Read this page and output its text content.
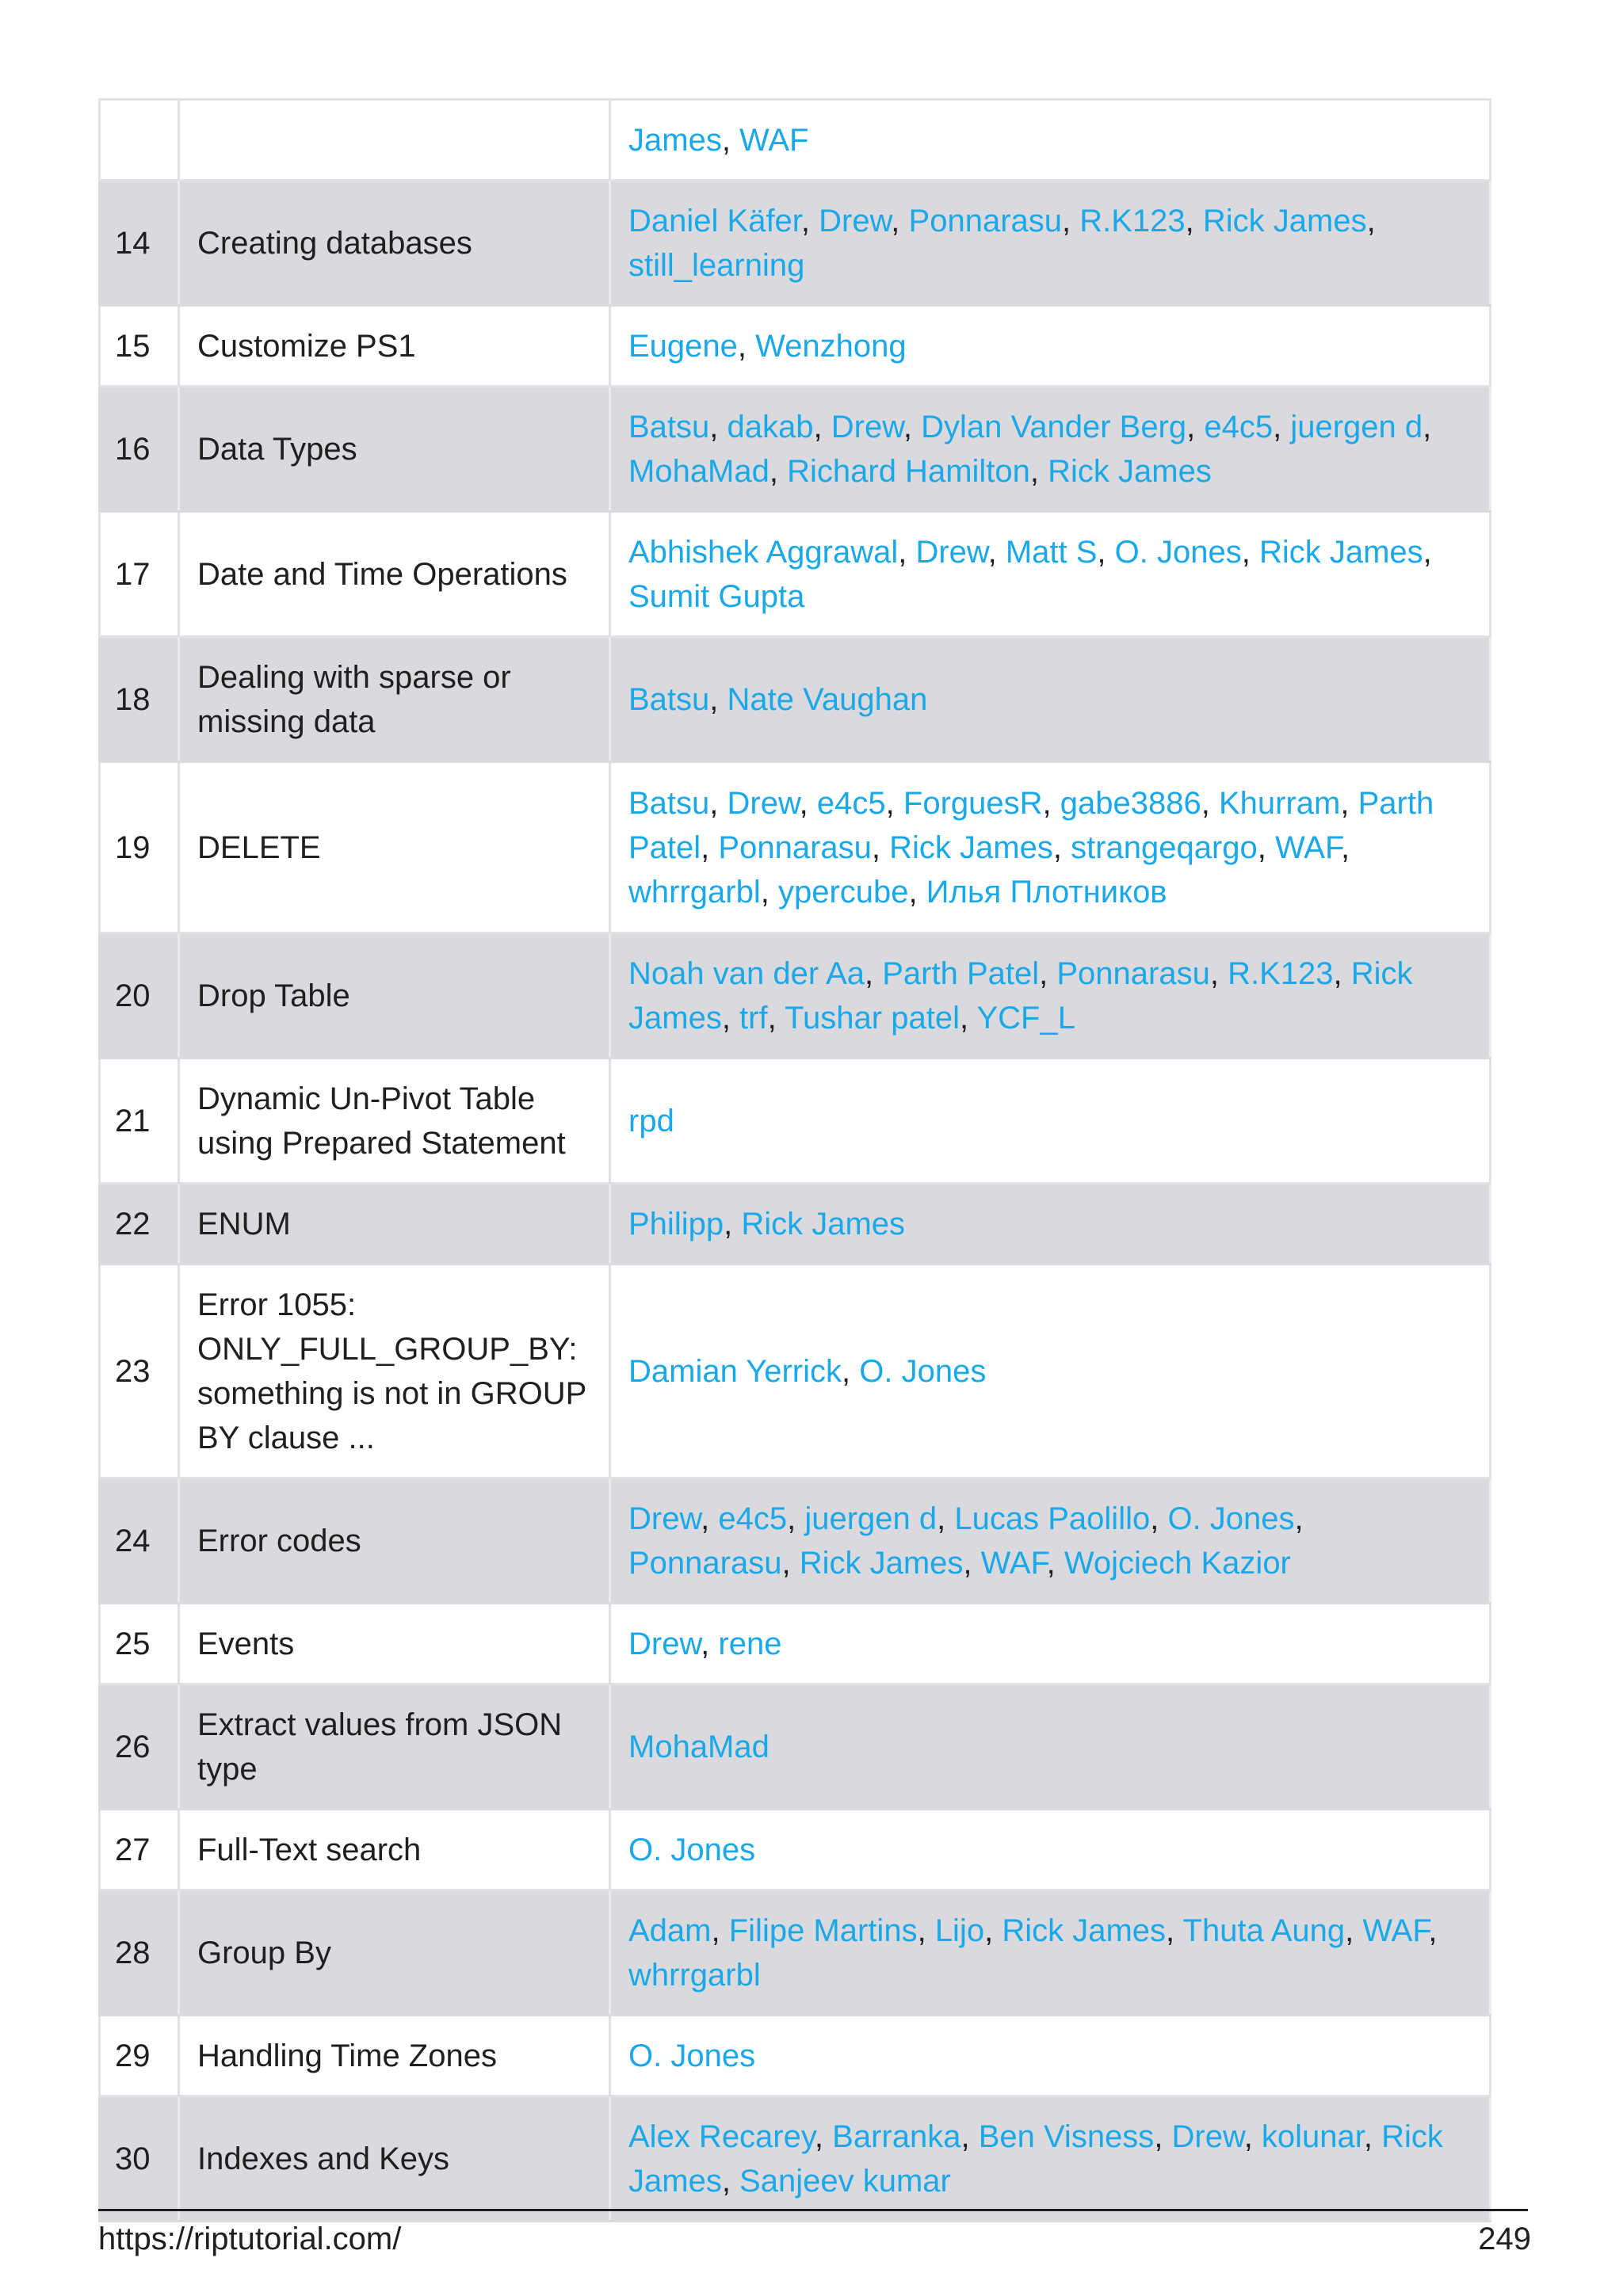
		James, WAF
14	Creating databases	Daniel Käfer, Drew, Ponnarasu, R.K123, Rick James, still_learning
15	Customize PS1	Eugene, Wenzhong
16	Data Types	Batsu, dakab, Drew, Dylan Vander Berg, e4c5, juergen d, MohaMad, Richard Hamilton, Rick James
17	Date and Time Operations	Abhishek Aggrawal, Drew, Matt S, O. Jones, Rick James, Sumit Gupta
18	Dealing with sparse or missing data	Batsu, Nate Vaughan
19	DELETE	Batsu, Drew, e4c5, ForguesR, gabe3886, Khurram, Parth Patel, Ponnarasu, Rick James, strangeqargo, WAF, whrrgarbl, ypercube, Илья Плотников
20	Drop Table	Noah van der Aa, Parth Patel, Ponnarasu, R.K123, Rick James, trf, Tushar patel, YCF_L
21	Dynamic Un-Pivot Table using Prepared Statement	rpd
22	ENUM	Philipp, Rick James
23	Error 1055: ONLY_FULL_GROUP_BY: something is not in GROUP BY clause ...	Damian Yerrick, O. Jones
24	Error codes	Drew, e4c5, juergen d, Lucas Paolillo, O. Jones, Ponnarasu, Rick James, WAF, Wojciech Kazior
25	Events	Drew, rene
26	Extract values from JSON type	MohaMad
27	Full-Text search	O. Jones
28	Group By	Adam, Filipe Martins, Lijo, Rick James, Thuta Aung, WAF, whrrgarbl
29	Handling Time Zones	O. Jones
30	Indexes and Keys	Alex Recarey, Barranka, Ben Visness, Drew, kolunar, Rick James, Sanjeev kumar
https://riptutorial.com/	249
